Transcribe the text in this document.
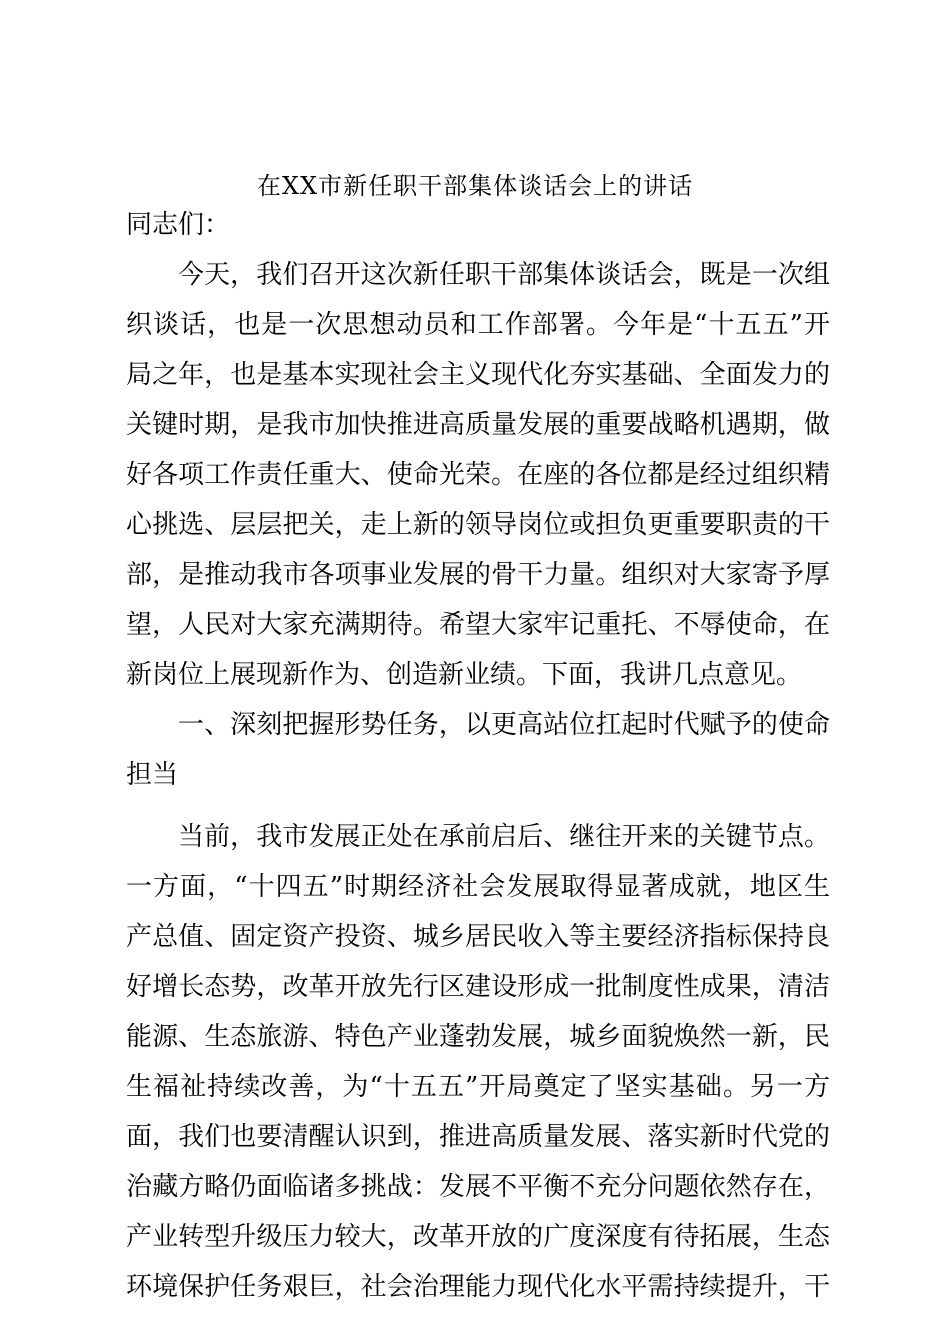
在XX市新任职干部集体谈话会上的讲话
同志们：
今天，我们召开这次新任职干部集体谈话会，既是一次组
织谈话，也是一次思想动员和工作部署。今年是“十五五”开
局之年，也是基本实现社会主义现代化夯实基础、全面发力的
关键时期，是我市加快推进高质量发展的重要战略机遇期，做
好各项工作责任重大、使命光荣。在座的各位都是经过组织精
心挑选、层层把关，走上新的领导岗位或担负更重要职责的干
部，是推动我市各项事业发展的骨干力量。组织对大家寄予厚
望，人民对大家充满期待。希望大家牢记重托、不辱使命，在
新岗位上展现新作为、创造新业绩。下面，我讲几点意见。
一、深刻把握形势任务，以更高站位扛起时代赋予的使命
担当
当前，我市发展正处在承前启后、继往开来的关键节点。
一方面，“十四五”时期经济社会发展取得显著成就，地区生
产总值、固定资产投资、城乡居民收入等主要经济指标保持良
好增长态势，改革开放先行区建设形成一批制度性成果，清洁
能源、生态旅游、特色产业蓬勃发展，城乡面貌焕然一新，民
生福祉持续改善，为“十五五”开局奠定了坚实基础。另一方
面，我们也要清醒认识到，推进高质量发展、落实新时代党的
治藏方略仍面临诸多挑战：发展不平衡不充分问题依然存在，
产业转型升级压力较大，改革开放的广度深度有待拓展，生态
环境保护任务艰巨，社会治理能力现代化水平需持续提升，干
